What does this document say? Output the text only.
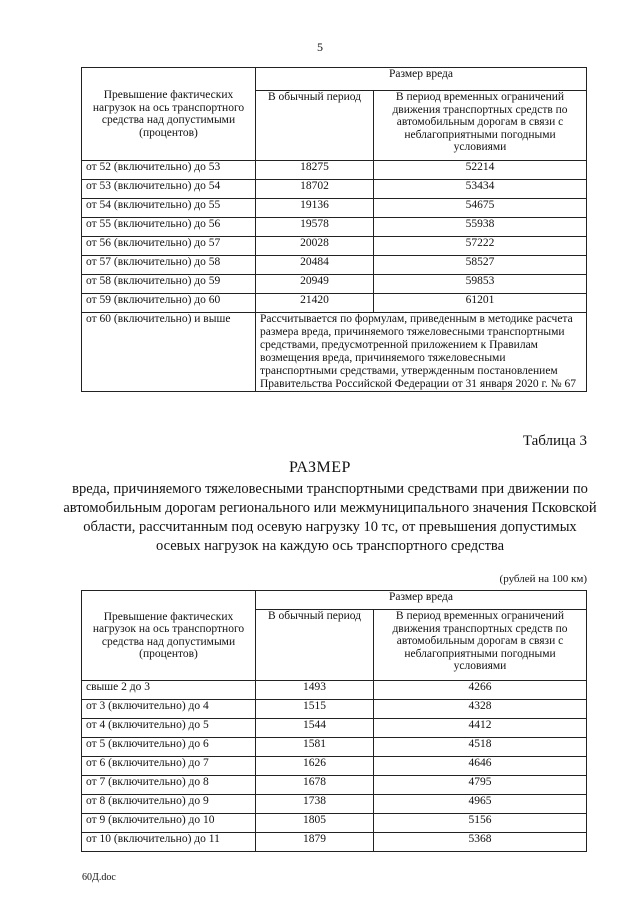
5
Превышение фактических нагрузок на ось транспортного средства над допустимыми (процентов)	Размер вреда	
	В обычный период	В период временных ограничений движения транспортных средств по автомобильным дорогам в связи с неблагоприятными погодными условиями
от 52 (включительно) до 53	18275	52214
от 53 (включительно) до 54	18702	53434
от 54 (включительно) до 55	19136	54675
от 55 (включительно) до 56	19578	55938
от 56 (включительно) до 57	20028	57222
от 57 (включительно) до 58	20484	58527
от 58 (включительно) до 59	20949	59853
от 59 (включительно) до 60	21420	61201
от 60 (включительно) и выше	Рассчитывается по формулам, приведенным в методике расчета размера вреда, причиняемого тяжеловесными транспортными средствами, предусмотренной приложением к Правилам возмещения вреда, причиняемого тяжеловесными транспортными средствами, утвержденным постановлением Правительства Российской Федерации от 31 января 2020 г. № 67	
Таблица 3
РАЗМЕР
вреда, причиняемого тяжеловесными транспортными средствами при движении по автомобильным дорогам регионального или межмуниципального значения Псковской области, рассчитанным под осевую нагрузку 10 тс, от превышения допустимых осевых нагрузок на каждую ось транспортного средства
(рублей на 100 км)
Превышение фактических нагрузок на ось транспортного средства над допустимыми (процентов)	Размер вреда	
	В обычный период	В период временных ограничений движения транспортных средств по автомобильным дорогам в связи с неблагоприятными погодными условиями
свыше 2 до 3	1493	4266
от 3 (включительно) до 4	1515	4328
от 4 (включительно) до 5	1544	4412
от 5 (включительно) до 6	1581	4518
от 6 (включительно) до 7	1626	4646
от 7 (включительно) до 8	1678	4795
от 8 (включительно) до 9	1738	4965
от 9 (включительно) до 10	1805	5156
от 10 (включительно) до 11	1879	5368
60Д.doc
